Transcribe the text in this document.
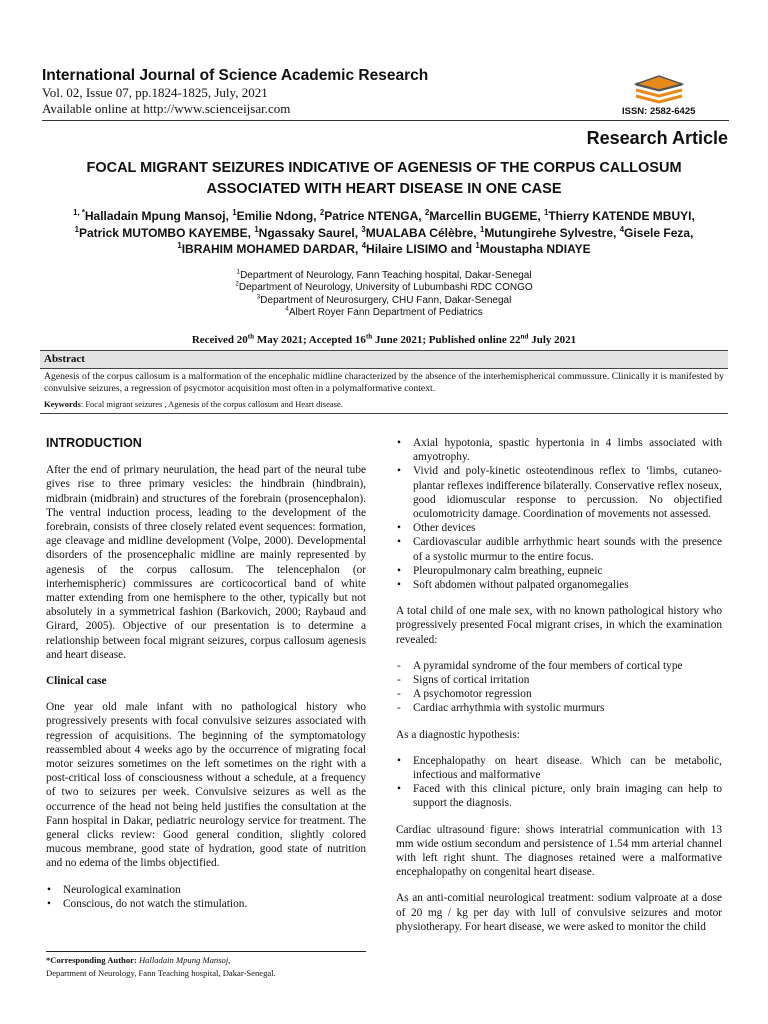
International Journal of Science Academic Research
Vol. 02, Issue 07, pp.1824-1825, July, 2021
Available online at http://www.scienceijsar.com	ISSN: 2582-6425
Research Article
FOCAL MIGRANT SEIZURES INDICATIVE OF AGENESIS OF THE CORPUS CALLOSUM
ASSOCIATED WITH HEART DISEASE IN ONE CASE
$^{1, *}$Halladain Mpung Mansoj, $^1$Emilie Ndong, $^2$Patrice NTENGA, $^2$Marcellin BUGEME, $^1$Thierry KATENDE MBUYI,
$^1$Patrick MUTOMBO KAYEMBE, $^1$Ngassaky Saurel, $^3$MUALABA Célèbre, $^1$Mutungirehe Sylvestre, $^4$Gisele Feza,
$^1$IBRAHIM MOHAMED DARDAR, $^4$Hilaire LISIMO and $^1$Moustapha NDIAYE
$^1$Department of Neurology, Fann Teaching hospital, Dakar-Senegal
$^2$Department of Neurology, University of Lubumbashi RDC CONGO
$^3$Department of Neurosurgery, CHU Fann, Dakar-Senegal
$^4$Albert Royer Fann Department of Pediatrics
Received 20th May 2021; Accepted 16th June 2021; Published online 22nd July 2021
Abstract
Agenesis of the corpus callosum is a malformation of the encephalic midline characterized by the absence of the interhemispherical commussure. Clinically it is manifested by convulsive seizures, a regression of psycmotor acquisition most often in a polymalformative context.
Keywords: Focal migrant seizures , Agenesis of the corpus callosum and Heart disease.
INTRODUCTION

After the end of primary neurulation, the head part of the neural tube gives rise to three primary vesicles: the hindbrain (hindbrain), midbrain (midbrain) and structures of the forebrain (prosencephalon). The ventral induction process, leading to the development of the forebrain, consists of three closely related event sequences: formation, age cleavage and midline development (Volpe, 2000). Developmental disorders of the prosencephalic midline are mainly represented by agenesis of the corpus callosum. The telencephalon (or interhemispheric) commissures are corticocortical band of white matter extending from one hemisphere to the other, typically but not absolutely in a symmetrical fashion (Barkovich, 2000; Raybaud and Girard, 2005). Objective of our presentation is to determine a relationship between focal migrant seizures, corpus callosum agenesis and heart disease.

Clinical case

One year old male infant with no pathological history who progressively presents with focal convulsive seizures associated with regression of acquisitions. The beginning of the symptomatology reassembled about 4 weeks ago by the occurrence of migrating focal motor seizures sometimes on the left sometimes on the right with a post-critical loss of consciousness without a schedule, at a frequency of two to seizures per week. Convulsive seizures as well as the occurrence of the head not being held justifies the consultation at the Fann hospital in Dakar, pediatric neurology service for treatment. The general clicks review: Good general condition, slightly colored mucous membrane, good state of hydration, good state of nutrition and no edema of the limbs objectified.

• Neurological examination
• Conscious, do not watch the stimulation.
*Corresponding Author: Halladain Mpung Mansoj,
Department of Neurology, Fann Teaching hospital, Dakar-Senegal.
• Axial hypotonia, spastic hypertonia in 4 limbs associated with amyotrophy.
• Vivid and poly-kinetic osteotendinous reflex to ‘limbs, cutaneo-plantar reflexes indifference bilaterally. Conservative reflex noseux, good idiomuscular response to percussion. No objectified oculomotricity damage. Coordination of movements not assessed.
• Other devices
• Cardiovascular audible arrhythmic heart sounds with the presence of a systolic murmur to the entire focus.
• Pleuropulmonary calm breathing, eupneic
• Soft abdomen without palpated organomegalies

A total child of one male sex, with no known pathological history who progressively presented Focal migrant crises, in which the examination revealed:

- A pyramidal syndrome of the four members of cortical type
- Signs of cortical irritation
- A psychomotor regression
- Cardiac arrhythmia with systolic murmurs

As a diagnostic hypothesis:

• Encephalopathy on heart disease. Which can be metabolic, infectious and malformative
• Faced with this clinical picture, only brain imaging can help to support the diagnosis.

Cardiac ultrasound figure: shows interatrial communication with 13 mm wide ostium secondum and persistence of 1.54 mm arterial channel with left right shunt. The diagnoses retained were a malformative encephalopathy on congenital heart disease.

As an anti-comitial neurological treatment: sodium valproate at a dose of 20 mg / kg per day with lull of convulsive seizures and motor physiotherapy. For heart disease, we were asked to monitor the child
